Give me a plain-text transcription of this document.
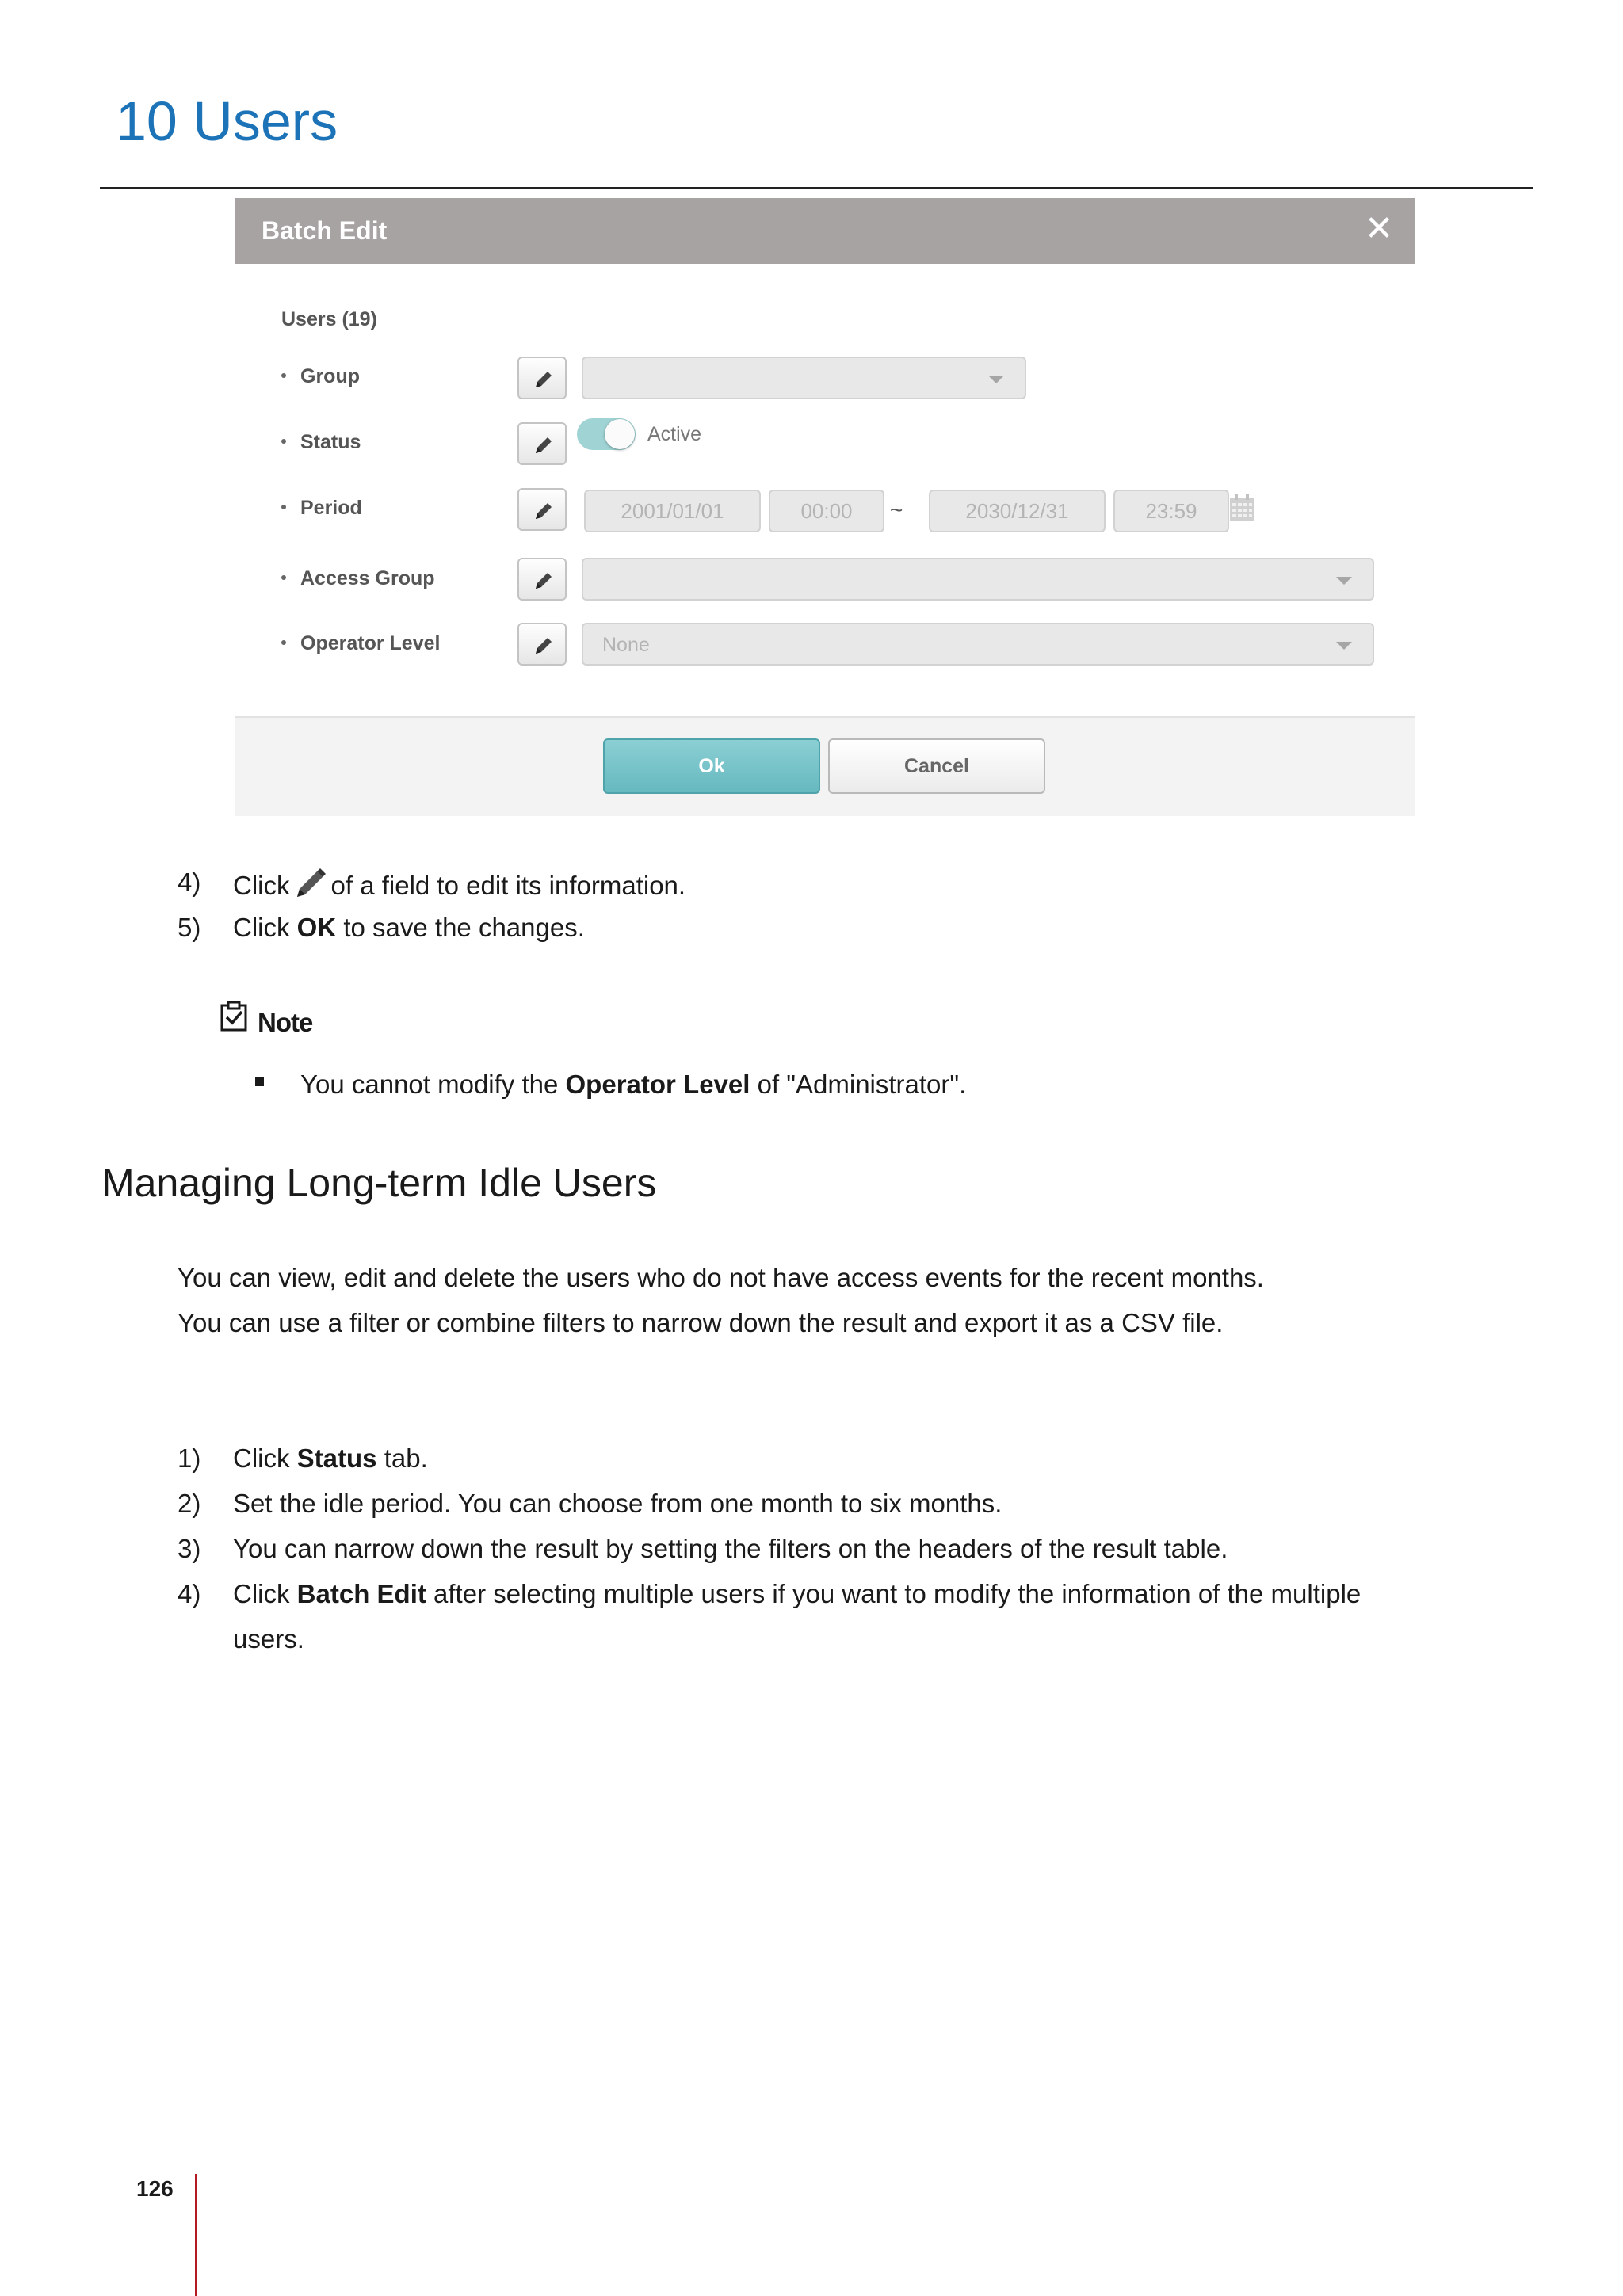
10 Users
Batch Edit	✕
Users (19)
Group
Status	Active
Period	2001/01/01	00:00	~	2030/12/31	23:59
Access Group
Operator Level	None
Ok	Cancel
4) Click of a field to edit its information.
5) Click OK to save the changes.
Note
You cannot modify the Operator Level of "Administrator".
Managing Long-term Idle Users
You can view, edit and delete the users who do not have access events for the recent months.
You can use a filter or combine filters to narrow down the result and export it as a CSV file.
1) Click Status tab.
2) Set the idle period. You can choose from one month to six months.
3) You can narrow down the result by setting the filters on the headers of the result table.
4) Click Batch Edit after selecting multiple users if you want to modify the information of the multiple
users.
126
